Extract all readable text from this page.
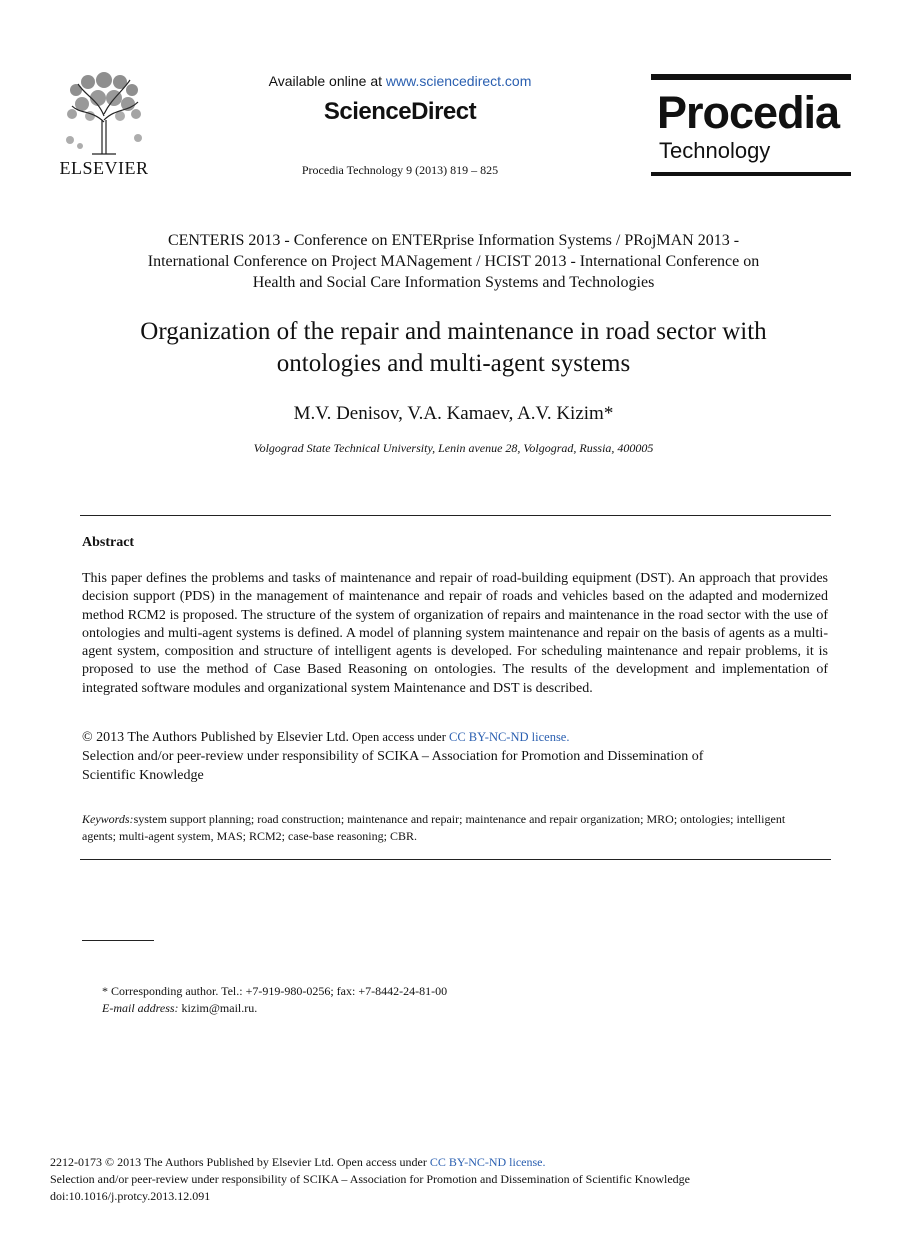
ELSEVIER
Available online at www.sciencedirect.com
ScienceDirect
Procedia Technology 9 (2013) 819 – 825
Procedia
Technology
CENTERIS 2013 - Conference on ENTERprise Information Systems / PRojMAN 2013 -
International Conference on Project MANagement / HCIST 2013 - International Conference on
Health and Social Care Information Systems and Technologies
Organization of the repair and maintenance in road sector with
ontologies and multi-agent systems
M.V. Denisov, V.A. Kamaev, A.V. Kizim*
Volgograd State Technical University, Lenin avenue 28, Volgograd, Russia, 400005
Abstract
This paper defines the problems and tasks of maintenance and repair of road-building equipment (DST). An approach that provides decision support (PDS) in the management of maintenance and repair of roads and vehicles based on the adapted and modernized method RCM2 is proposed. The structure of the system of organization of repairs and maintenance in the road sector with the use of ontologies and multi-agent systems is defined. A model of planning system maintenance and repair on the basis of agents as a multi-agent system, composition and structure of intelligent agents is developed. For scheduling maintenance and repair problems, it is proposed to use the method of Case Based Reasoning on ontologies. The results of the development and implementation of integrated software modules and organizational system Maintenance and DST is described.
© 2013 The Authors Published by Elsevier Ltd. Open access under CC BY-NC-ND license.
Selection and/or peer-review under responsibility of SCIKA – Association for Promotion and Dissemination of
Scientific Knowledge
Keywords:system support planning; road construction; maintenance and repair; maintenance and repair organization; MRO; ontologies; intelligent agents; multi-agent system, MAS; RCM2; case-base reasoning; CBR.
* Corresponding author. Tel.: +7-919-980-0256; fax: +7-8442-24-81-00
E-mail address: kizim@mail.ru.
2212-0173 © 2013 The Authors Published by Elsevier Ltd. Open access under CC BY-NC-ND license.
Selection and/or peer-review under responsibility of SCIKA – Association for Promotion and Dissemination of Scientific Knowledge
doi:10.1016/j.protcy.2013.12.091
